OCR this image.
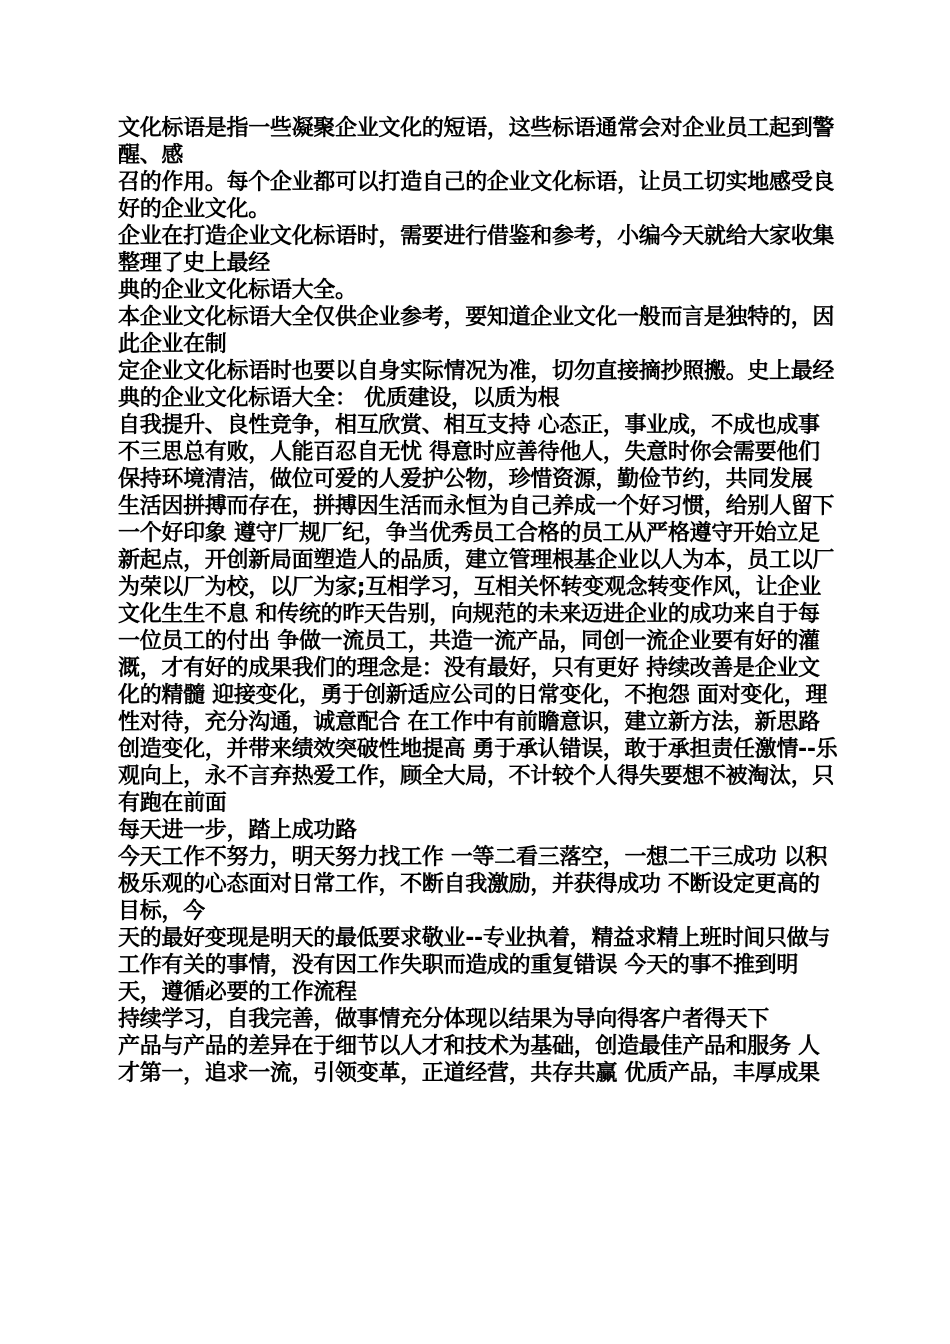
文化标语是指一些凝聚企业文化的短语，这些标语通常会对企业员工起到警醒、感

召的作用。每个企业都可以打造自己的企业文化标语，让员工切实地感受良好的企业文化。

企业在打造企业文化标语时，需要进行借鉴和参考，小编今天就给大家收集整理了史上最经

典的企业文化标语大全。

本企业文化标语大全仅供企业参考，要知道企业文化一般而言是独特的，因此企业在制

定企业文化标语时也要以自身实际情况为准，切勿直接摘抄照搬。史上最经典的企业文化标语大全： 优质建设，以质为根

自我提升、良性竞争，相互欣赏、相互支持 心态正，事业成，不成也成事不三思总有败，人能百忍自无忧 得意时应善待他人，失意时你会需要他们 保持环境清洁，做位可爱的人爱护公物，珍惜资源，勤俭节约，共同发展 生活因拼搏而存在，拼搏因生活而永恒为自己养成一个好习惯，给别人留下一个好印象 遵守厂规厂纪，争当优秀员工合格的员工从严格遵守开始立足新起点，开创新局面塑造人的品质，建立管理根基企业以人为本，员工以厂为荣以厂为校，以厂为家;互相学习，互相关怀转变观念转变作风，让企业文化生生不息 和传统的昨天告别，向规范的未来迈进企业的成功来自于每一位员工的付出 争做一流员工，共造一流产品，同创一流企业要有好的灌溉，才有好的成果我们的理念是：没有最好，只有更好 持续改善是企业文化的精髓 迎接变化，勇于创新适应公司的日常变化，不抱怨 面对变化，理性对待，充分沟通，诚意配合 在工作中有前瞻意识，建立新方法，新思路 创造变化，并带来绩效突破性地提高 勇于承认错误，敢于承担责任激情--乐观向上，永不言弃热爱工作，顾全大局，不计较个人得失要想不被淘汰，只有跑在前面

每天进一步，踏上成功路

今天工作不努力，明天努力找工作 一等二看三落空，一想二干三成功 以积极乐观的心态面对日常工作，不断自我激励，并获得成功 不断设定更高的目标，今

天的最好变现是明天的最低要求敬业--专业执着，精益求精上班时间只做与工作有关的事情，没有因工作失职而造成的重复错误 今天的事不推到明

天，遵循必要的工作流程

持续学习，自我完善，做事情充分体现以结果为导向得客户者得天下

产品与产品的差异在于细节以人才和技术为基础，创造最佳产品和服务 人才第一，追求一流，引领变革，正道经营，共存共赢 优质产品，丰厚成果
